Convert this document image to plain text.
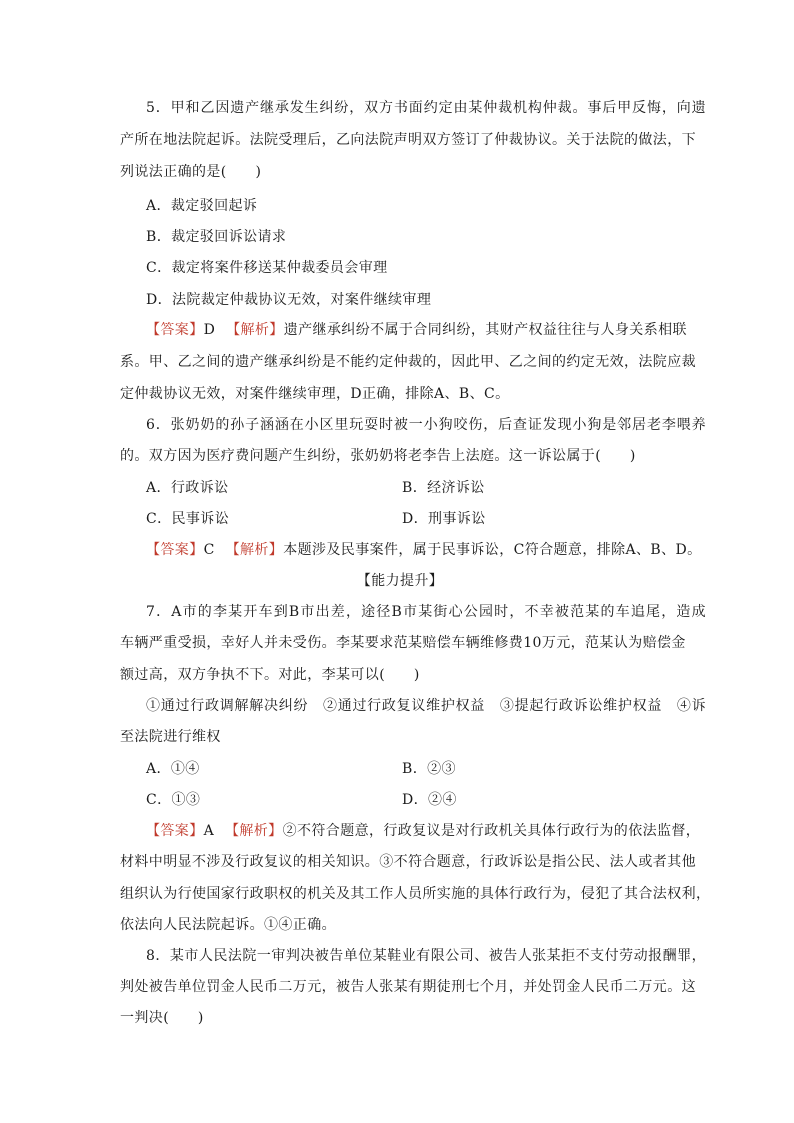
5．甲和乙因遗产继承发生纠纷，双方书面约定由某仲裁机构仲裁。事后甲反悔，向遗
产所在地法院起诉。法院受理后，乙向法院声明双方签订了仲裁协议。关于法院的做法，下
列说法正确的是(　　)
A．裁定驳回起诉
B．裁定驳回诉讼请求
C．裁定将案件移送某仲裁委员会审理
D．法院裁定仲裁协议无效，对案件继续审理
【答案】D 【解析】遗产继承纠纷不属于合同纠纷，其财产权益往往与人身关系相联
系。甲、乙之间的遗产继承纠纷是不能约定仲裁的，因此甲、乙之间的约定无效，法院应裁
定仲裁协议无效，对案件继续审理，D正确，排除A、B、C。
6．张奶奶的孙子涵涵在小区里玩耍时被一小狗咬伤，后查证发现小狗是邻居老李喂养
的。双方因为医疗费问题产生纠纷，张奶奶将老李告上法庭。这一诉讼属于(　　)
A．行政诉讼	B．经济诉讼
C．民事诉讼	D．刑事诉讼
【答案】C 【解析】本题涉及民事案件，属于民事诉讼，C符合题意，排除A、B、D。
【能力提升】
7．A市的李某开车到B市出差，途径B市某街心公园时，不幸被范某的车追尾，造成
车辆严重受损，幸好人并未受伤。李某要求范某赔偿车辆维修费10万元，范某认为赔偿金
额过高，双方争执不下。对此，李某可以(　　)
①通过行政调解解决纠纷　②通过行政复议维护权益　③提起行政诉讼维护权益　④诉
至法院进行维权
A．①④	B．②③
C．①③	D．②④
【答案】A 【解析】②不符合题意，行政复议是对行政机关具体行政行为的依法监督，
材料中明显不涉及行政复议的相关知识。③不符合题意，行政诉讼是指公民、法人或者其他
组织认为行使国家行政职权的机关及其工作人员所实施的具体行政行为，侵犯了其合法权利，
依法向人民法院起诉。①④正确。
8．某市人民法院一审判决被告单位某鞋业有限公司、被告人张某拒不支付劳动报酬罪，
判处被告单位罚金人民币二万元，被告人张某有期徒刑七个月，并处罚金人民币二万元。这
一判决(　　)
